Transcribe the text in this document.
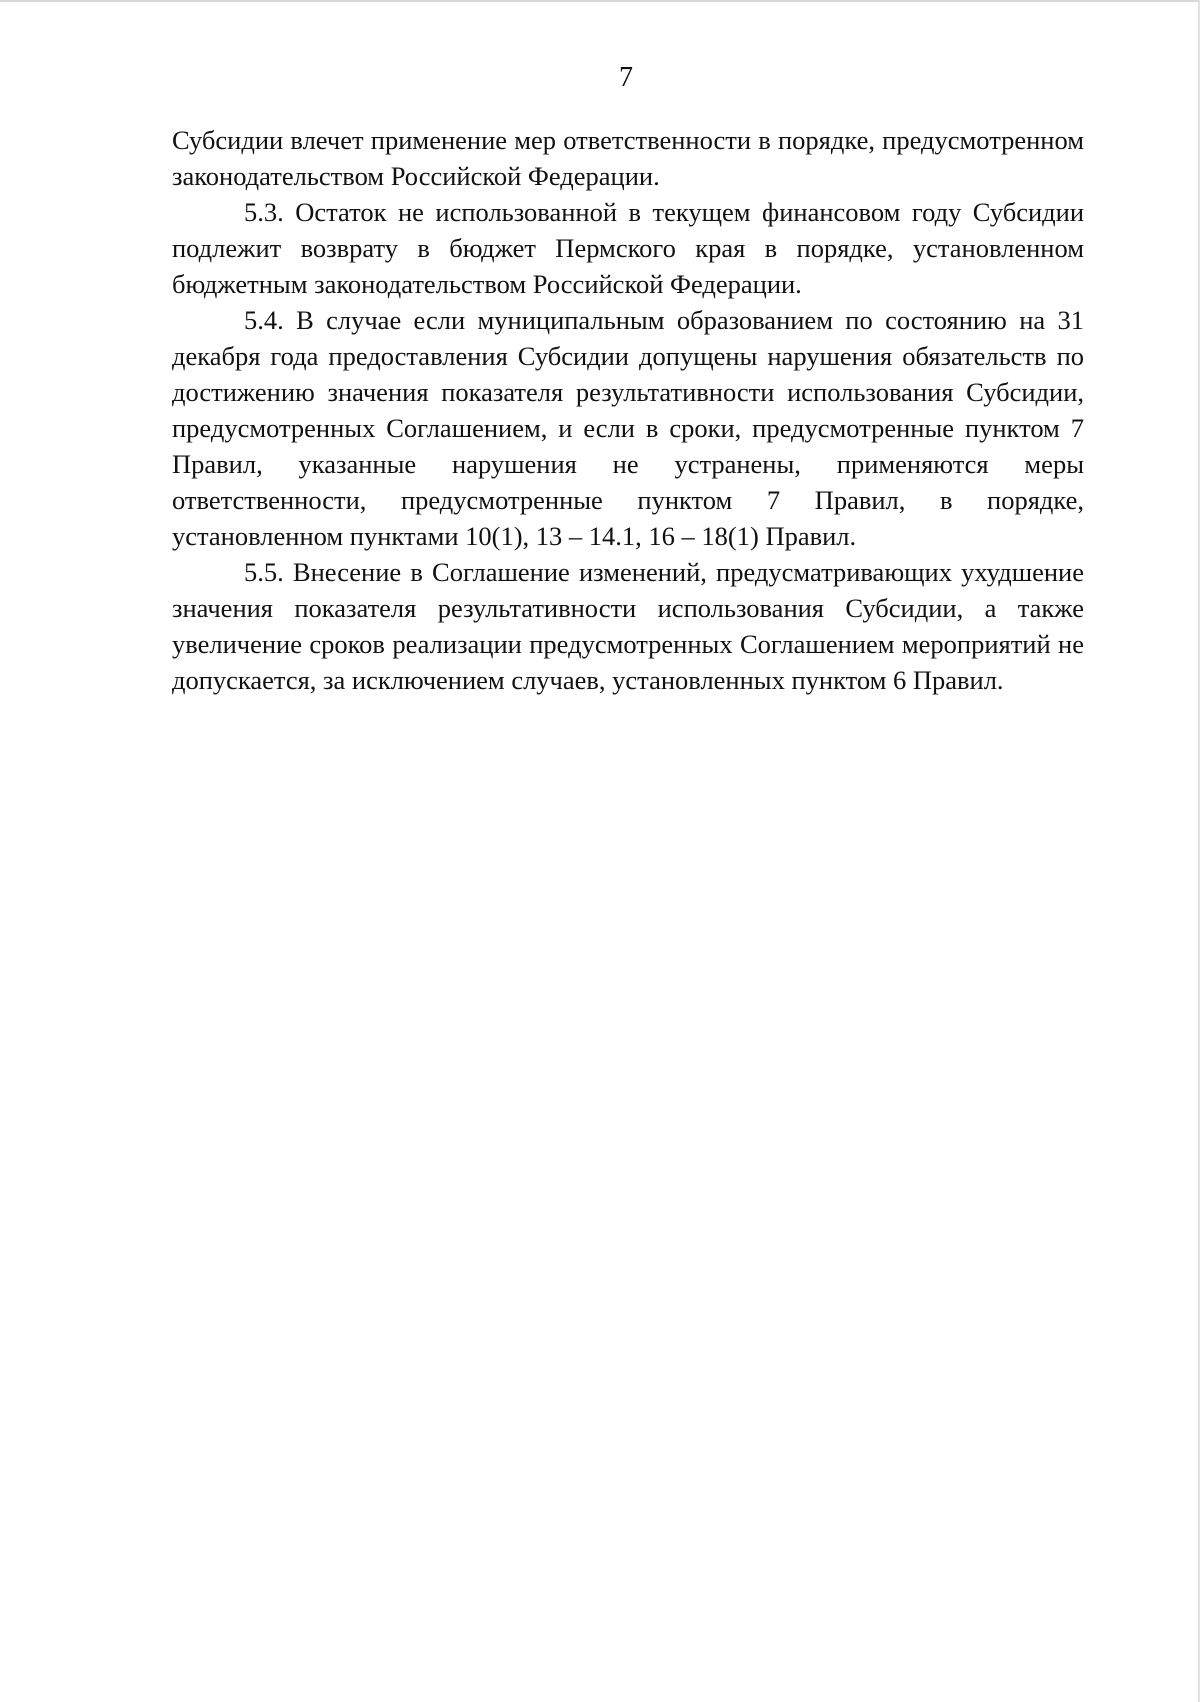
7

Субсидии влечет применение мер ответственности в порядке, предусмотренном законодательством Российской Федерации.

5.3. Остаток не использованной в текущем финансовом году Субсидии подлежит возврату в бюджет Пермского края в порядке, установленном бюджетным законодательством Российской Федерации.

5.4. В случае если муниципальным образованием по состоянию на 31 декабря года предоставления Субсидии допущены нарушения обязательств по достижению значения показателя результативности использования Субсидии, предусмотренных Соглашением, и если в сроки, предусмотренные пунктом 7 Правил, указанные нарушения не устранены, применяются меры ответственности, предусмотренные пунктом 7 Правил, в порядке, установленном пунктами 10(1), 13 – 14.1, 16 – 18(1) Правил.

5.5. Внесение в Соглашение изменений, предусматривающих ухудшение значения показателя результативности использования Субсидии, а также увеличение сроков реализации предусмотренных Соглашением мероприятий не допускается, за исключением случаев, установленных пунктом 6 Правил.
